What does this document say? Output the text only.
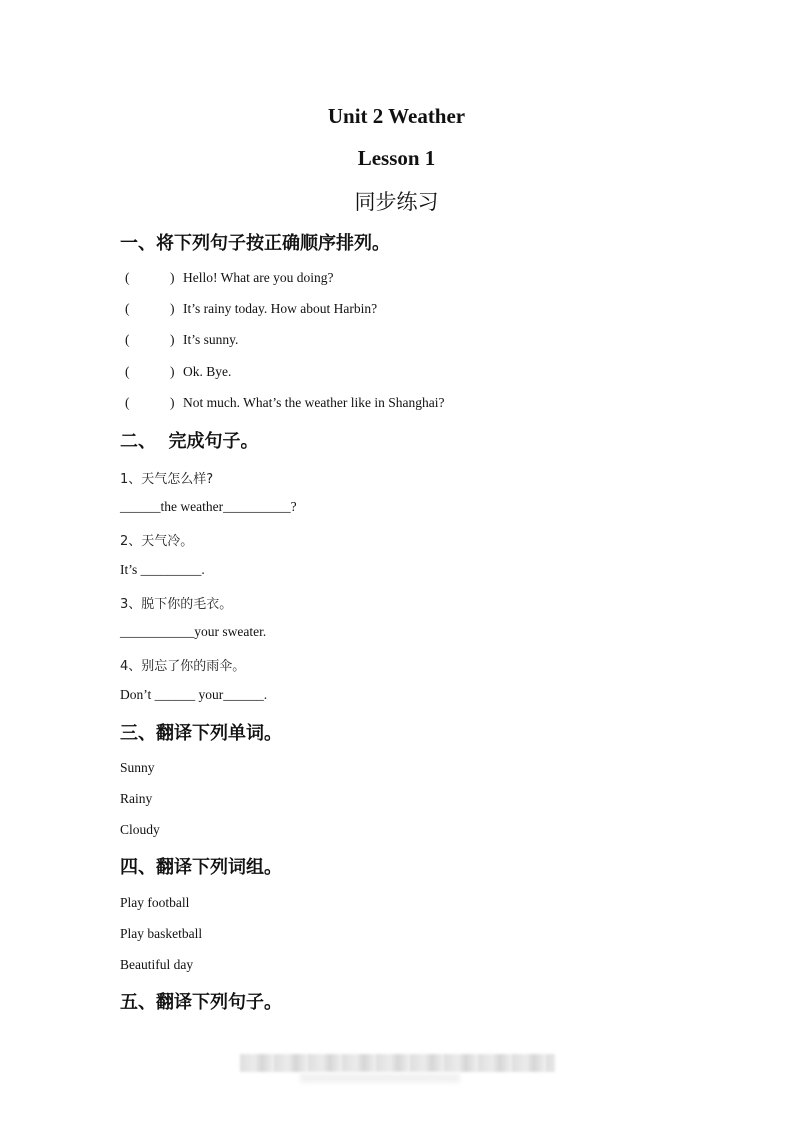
Unit 2 Weather
Lesson 1
同步练习
一、将下列句子按正确顺序排列。

(

	)

Hello! What are you doing?

(

	)

It’s rainy today. How about Harbin?

(

	)

It’s sunny.

(

	)

Ok. Bye.

(

	)

Not much. What’s the weather like in Shanghai?

二、  完成句子。
1、天气怎么样?
______the weather__________?
2、天气冷。
It’s _________.
3、脱下你的毛衣。
___________your sweater.
4、别忘了你的雨伞。
Don’t ______ your______.
三、翻译下列单词。
Sunny
Rainy
Cloudy
四、翻译下列词组。
Play football
Play basketball
Beautiful day
五、翻译下列句子。
